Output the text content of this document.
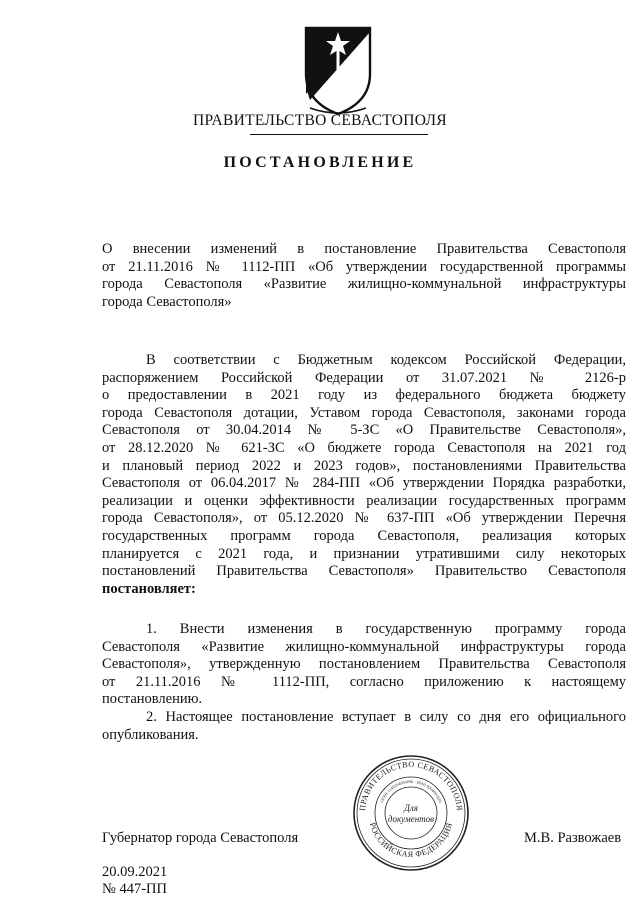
ПРАВИТЕЛЬСТВО СЕВАСТОПОЛЯ
ПОСТАНОВЛЕНИЕ
О внесении изменений в постановление Правительства Севастополя
от 21.11.2016 № 1112-ПП «Об утверждении государственной программы
города Севастополя «Развитие жилищно-коммунальной инфраструктуры
города Севастополя»
В соответствии с Бюджетным кодексом Российской Федерации,
распоряжением Российской Федерации от 31.07.2021 № 2126-р
о предоставлении в 2021 году из федерального бюджета бюджету
города Севастополя дотации, Уставом города Севастополя, законами города
Севастополя от 30.04.2014 № 5-ЗС «О Правительстве Севастополя»,
от 28.12.2020 № 621-ЗС «О бюджете города Севастополя на 2021 год
и плановый период 2022 и 2023 годов», постановлениями Правительства
Севастополя от 06.04.2017 № 284-ПП «Об утверждении Порядка разработки,
реализации и оценки эффективности реализации государственных программ
города Севастополя», от 05.12.2020 № 637-ПП «Об утверждении Перечня
государственных программ города Севастополя, реализация которых
планируется с 2021 года, и признании утратившими силу некоторых
постановлений Правительства Севастополя» Правительство Севастополя
постановляет:
1. Внести изменения в государственную программу города
Севастополя «Развитие жилищно-коммунальной инфраструктуры города
Севастополя», утвержденную постановлением Правительства Севастополя
от 21.11.2016 № 1112-ПП, согласно приложению к настоящему
постановлению.
2. Настоящее постановление вступает в силу со дня его официального
опубликования.
ПРАВИТЕЛЬСТВО СЕВАСТОПОЛЯ
РОССИЙСКАЯ ФЕДЕРАЦИЯ
ОГРН 1149204004090 · ИНН 9204001820
Для
документов
Губернатор города Севастополя	М.В. Развожаев
20.09.2021
№ 447-ПП
